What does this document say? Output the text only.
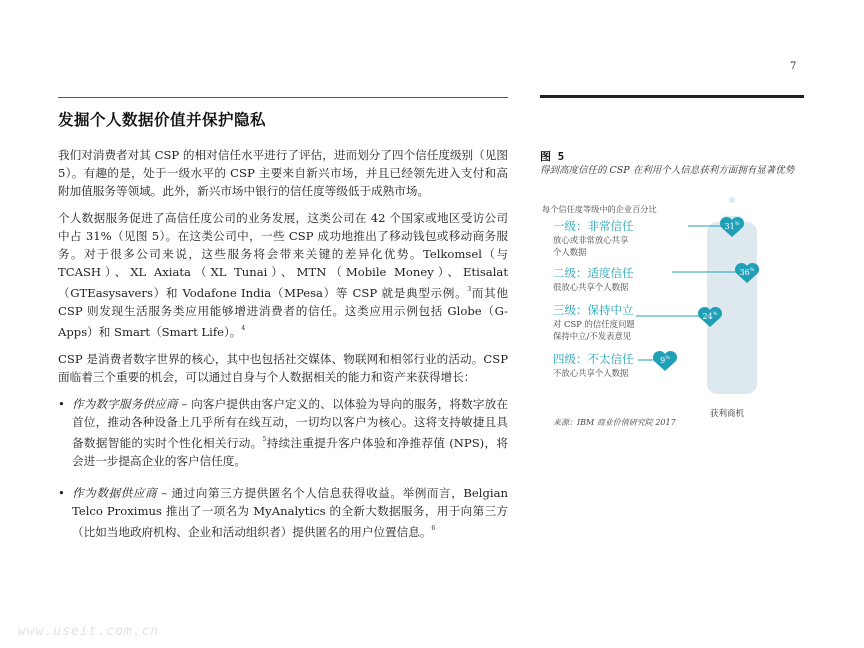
7
发掘个人数据价值并保护隐私

我们对消费者对其 CSP 的相对信任水平进行了评估，进而划分了四个信任度级别（见图 5）。有趣的是，处于一级水平的 CSP 主要来自新兴市场，并且已经领先进入支付和高附加值服务等领域。此外，新兴市场中银行的信任度等级低于成熟市场。

个人数据服务促进了高信任度公司的业务发展，这类公司在 42 个国家或地区受访公司中占 31%（见图 5）。在这类公司中，一些 CSP 成功地推出了移动钱包或移动商务服务。对于很多公司来说，这些服务将会带来关键的差异化优势。Telkomsel（与 TCASH）、XL Axiata（XL Tunai）、MTN（Mobile Money）、Etisalat（GTEasysavers）和 Vodafone India（MPesa）等 CSP 就是典型示例。$^3$而其他 CSP 则发现生活服务类应用能够增进消费者的信任。这类应用示例包括 Globe（G-Apps）和 Smart（Smart Life）。$^4$

CSP 是消费者数字世界的核心，其中也包括社交媒体、物联网和相邻行业的活动。CSP 面临着三个重要的机会，可以通过自身与个人数据相关的能力和资产来获得增长：

• 作为数字服务供应商 – 向客户提供由客户定义的、以体验为导向的服务，将数字放在首位，推动各种设备上几乎所有在线互动，一切均以客户为核心。这将支持敏捷且具备数据智能的实时个性化相关行动。$^5$持续注重提升客户体验和净推荐值 (NPS)，将会进一步提高企业的客户信任度。
• 作为数据供应商 – 通过向第三方提供匿名个人信息获得收益。举例而言，Belgian Telco Proximus 推出了一项名为 MyAnalytics 的全新大数据服务，用于向第三方（比如当地政府机构、企业和活动组织者）提供匿名的用户位置信息。$^6$
图 5
得到高度信任的 CSP 在利用个人信息获利方面拥有显著优势
每个信任度等级中的企业百分比
一级：非常信任
放心或非常放心共享
个人数据
二级：适度信任
很放心共享个人数据
三级：保持中立
对 CSP 的信任度问题
保持中立/不发表意见
四级：不太信任
不放心共享个人数据
31%
36%
24%
9%
获利商机
来源：IBM 商业价值研究院 2017
www.useit.com.cn
